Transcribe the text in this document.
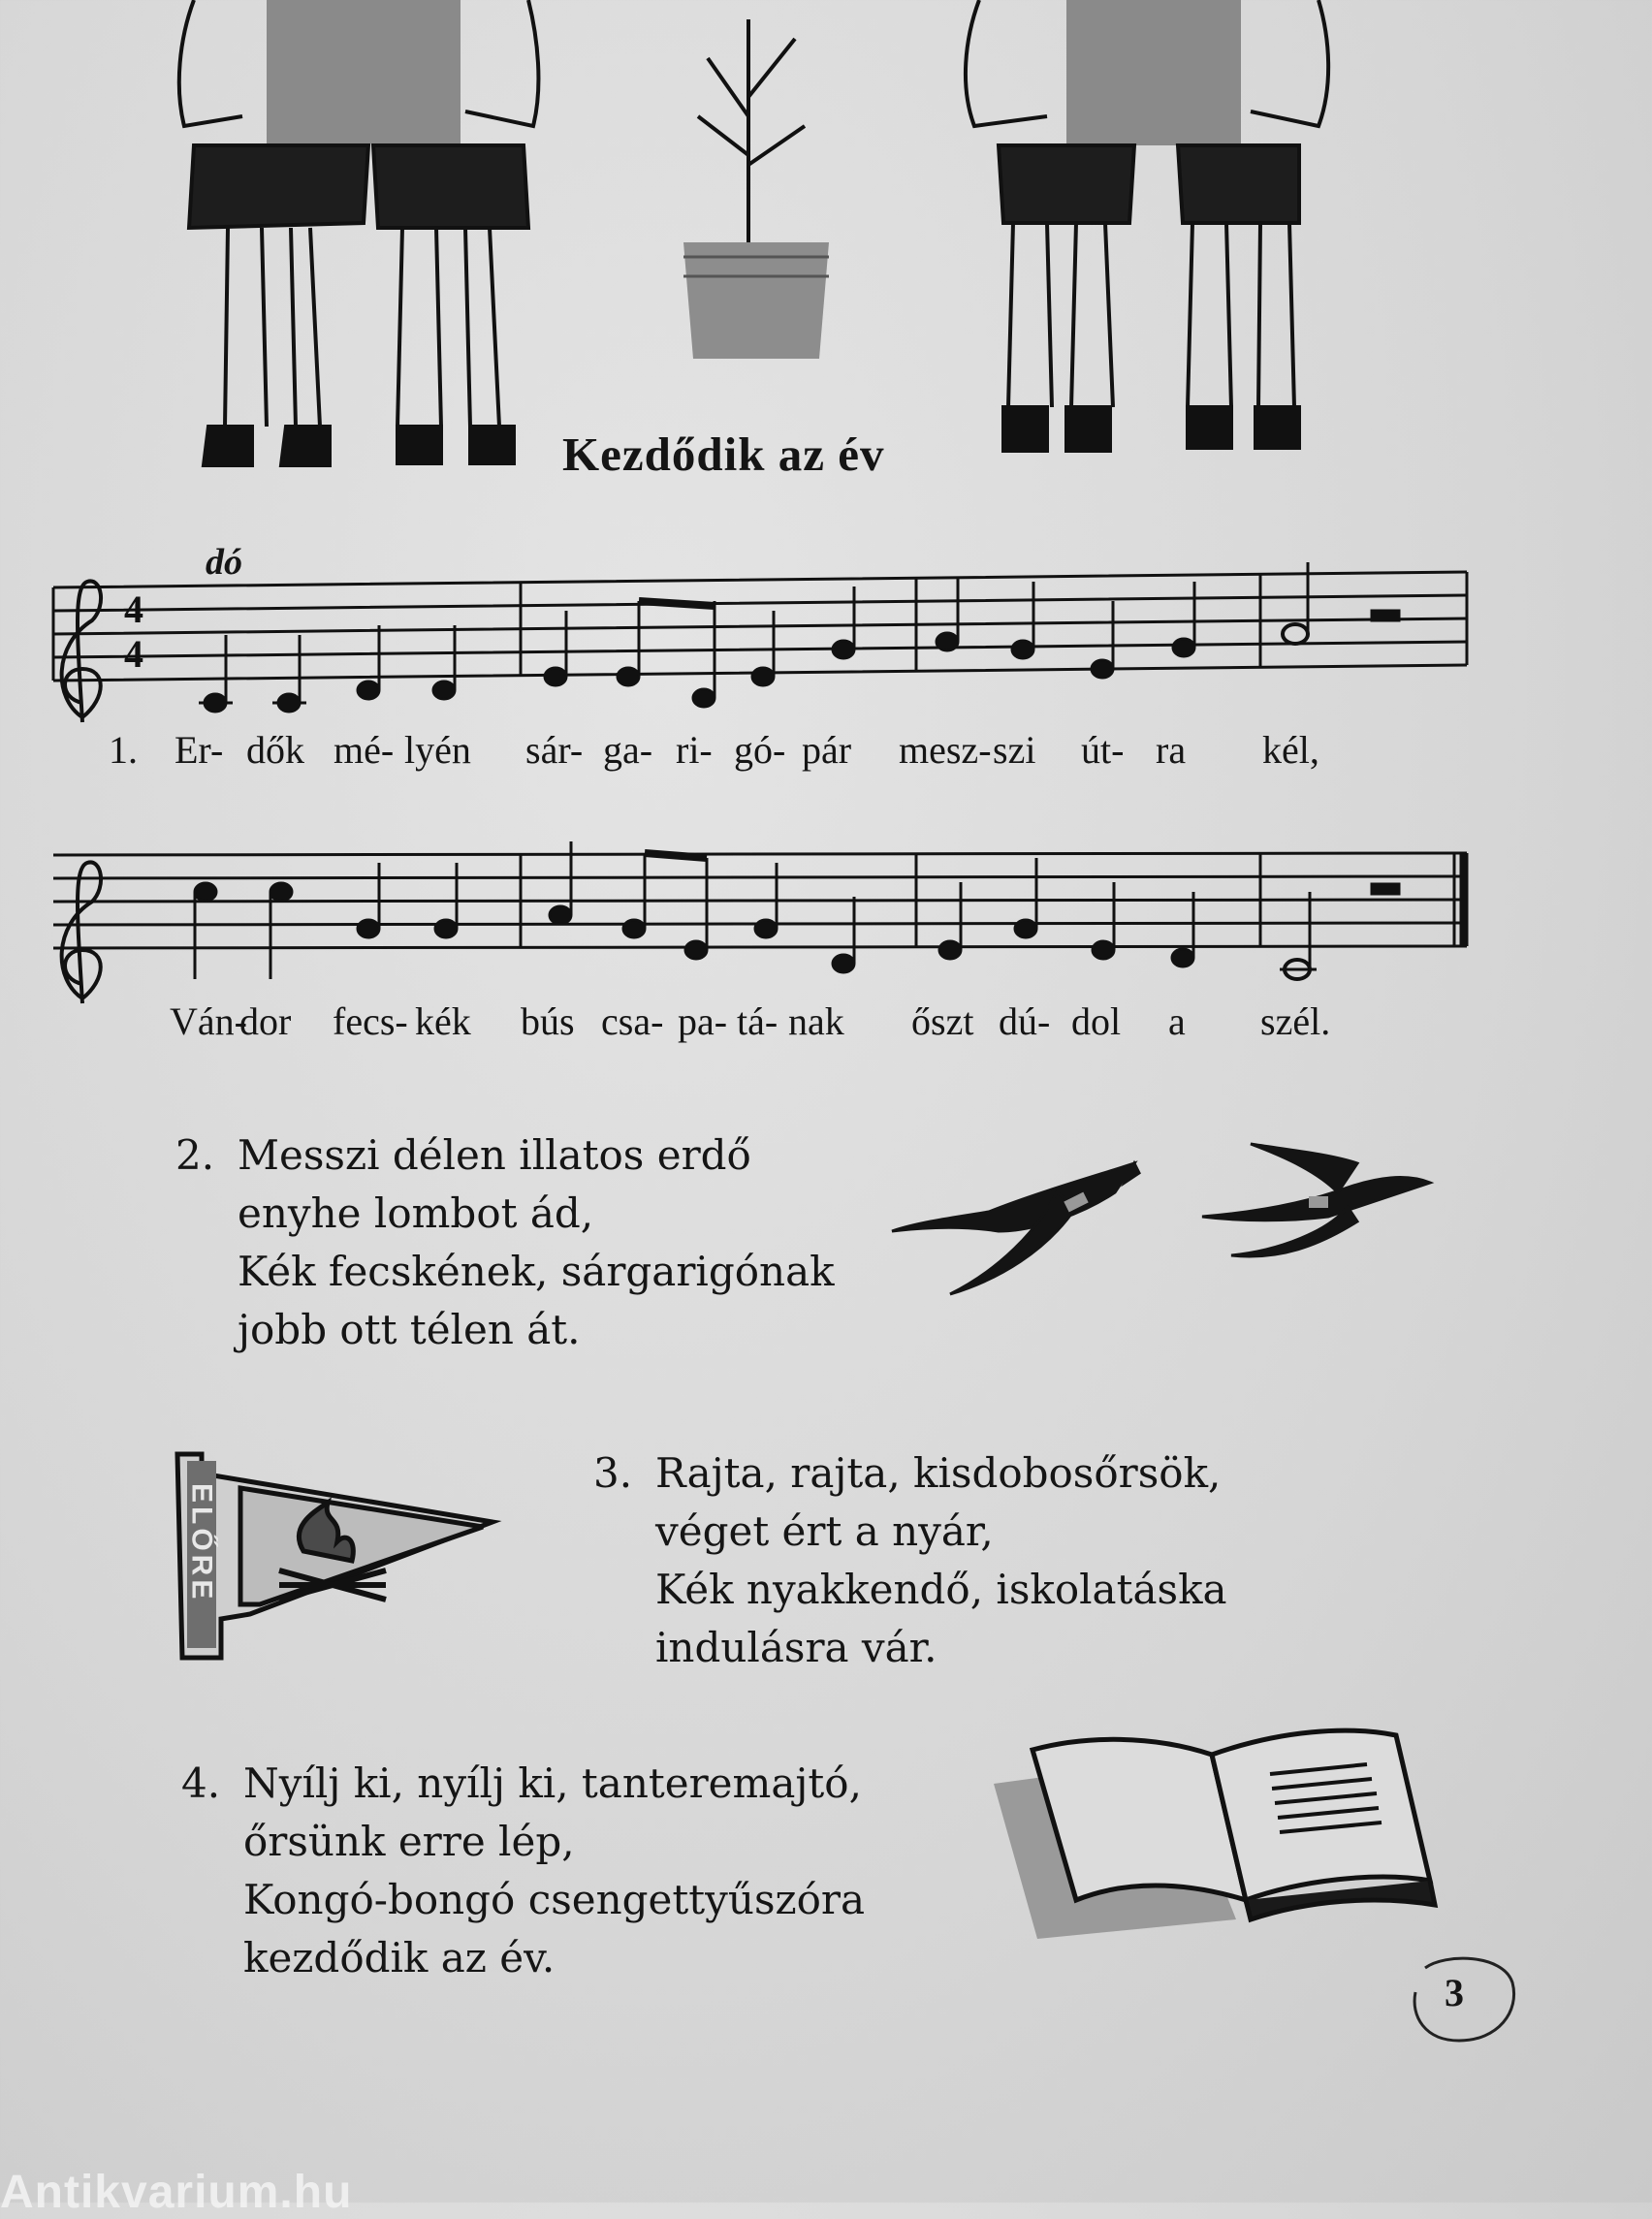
Kezdődik az év
dó
4
4
1. Er- dők mé- lyén sár- ga- ri- gó- pár mesz- szi út- ra kél,
Ván-
dor fecs- kék bús csa- pa- tá- nak őszt dú- dol a szél.
2. Messzi délen illatos erdő
enyhe lombot ád,
Kék fecskének, sárgarigónak
jobb ott télen át.
ELŐRE
3. Rajta, rajta, kisdobosőrsök,
véget ért a nyár,
Kék nyakkendő, iskolatáska
indulásra vár.
4. Nyílj ki, nyílj ki, tanteremajtó,
őrsünk erre lép,
Kongó-bongó csengettyűszóra
kezdődik az év.
3
Antikvarium.hu
